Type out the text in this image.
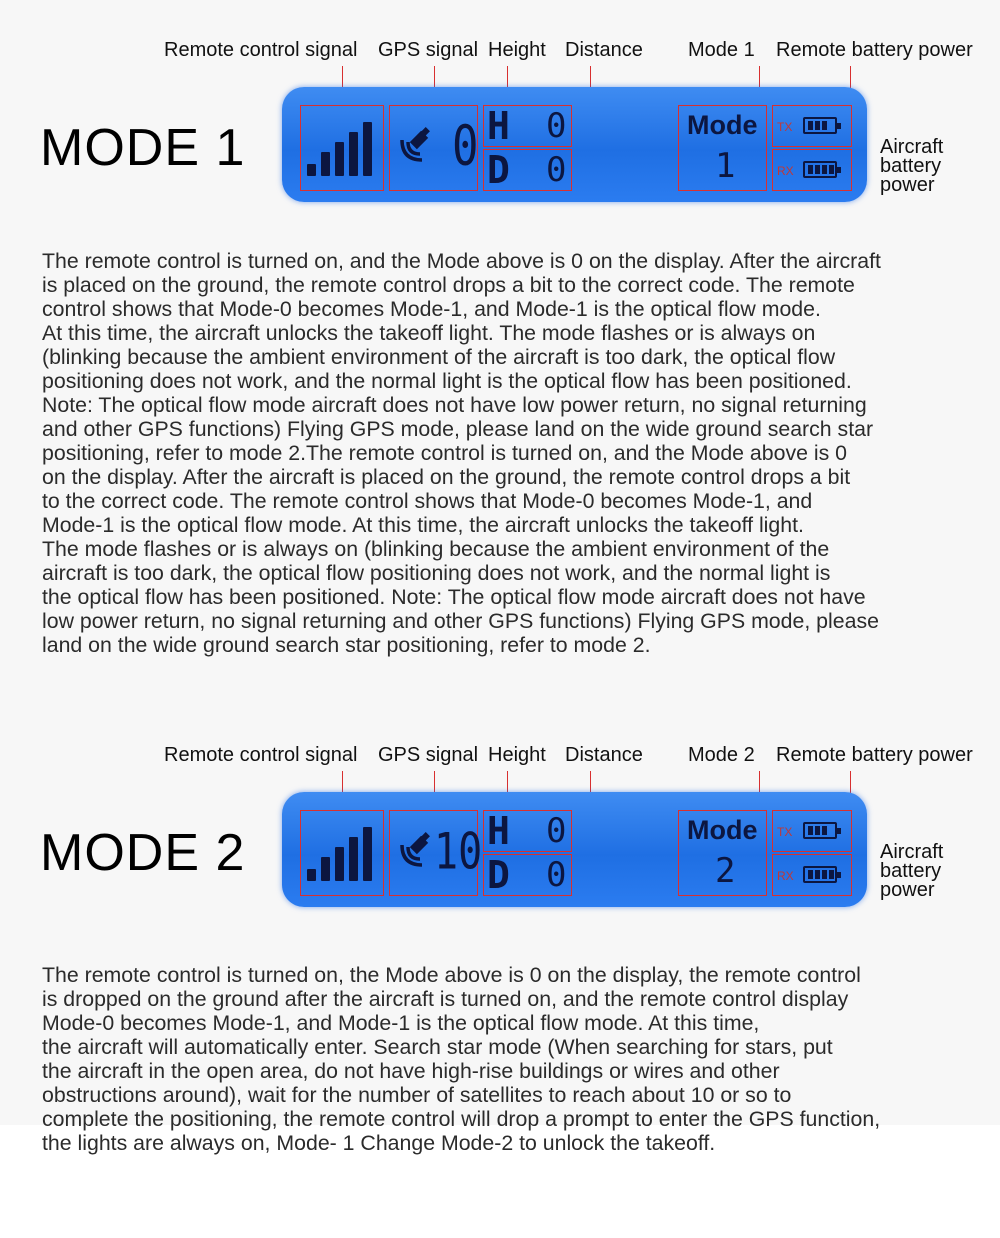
Remote control signal GPS signal Height Distance Mode 1 Remote battery power
MODE 1	0 H 0
D 0
Mode
1
TX
RX
Aircraft
battery
power
The remote control is turned on, and the Mode above is 0 on the display. After the aircraft
is placed on the ground, the remote control drops a bit to the correct code. The remote
control shows that Mode-0 becomes Mode-1, and Mode-1 is the optical flow mode.
At this time, the aircraft unlocks the takeoff light. The mode flashes or is always on
(blinking because the ambient environment of the aircraft is too dark, the optical flow
positioning does not work, and the normal light is the optical flow has been positioned.
Note: The optical flow mode aircraft does not have low power return, no signal returning
and other GPS functions) Flying GPS mode, please land on the wide ground search star
positioning, refer to mode 2.The remote control is turned on, and the Mode above is 0
on the display. After the aircraft is placed on the ground, the remote control drops a bit
to the correct code. The remote control shows that Mode-0 becomes Mode-1, and
Mode-1 is the optical flow mode. At this time, the aircraft unlocks the takeoff light.
The mode flashes or is always on (blinking because the ambient environment of the
aircraft is too dark, the optical flow positioning does not work, and the normal light is
the optical flow has been positioned. Note: The optical flow mode aircraft does not have
low power return, no signal returning and other GPS functions) Flying GPS mode, please
land on the wide ground search star positioning, refer to mode 2.
Remote control signal GPS signal Height Distance Mode 2 Remote battery power
MODE 2	10 H 0
D 0
Mode
2
TX
RX
Aircraft
battery
power
The remote control is turned on, the Mode above is 0 on the display, the remote control
is dropped on the ground after the aircraft is turned on, and the remote control display
Mode-0 becomes Mode-1, and Mode-1 is the optical flow mode. At this time,
the aircraft will automatically enter. Search star mode (When searching for stars, put
the aircraft in the open area, do not have high-rise buildings or wires and other
obstructions around), wait for the number of satellites to reach about 10 or so to
complete the positioning, the remote control will drop a prompt to enter the GPS function,
the lights are always on, Mode- 1 Change Mode-2 to unlock the takeoff.
